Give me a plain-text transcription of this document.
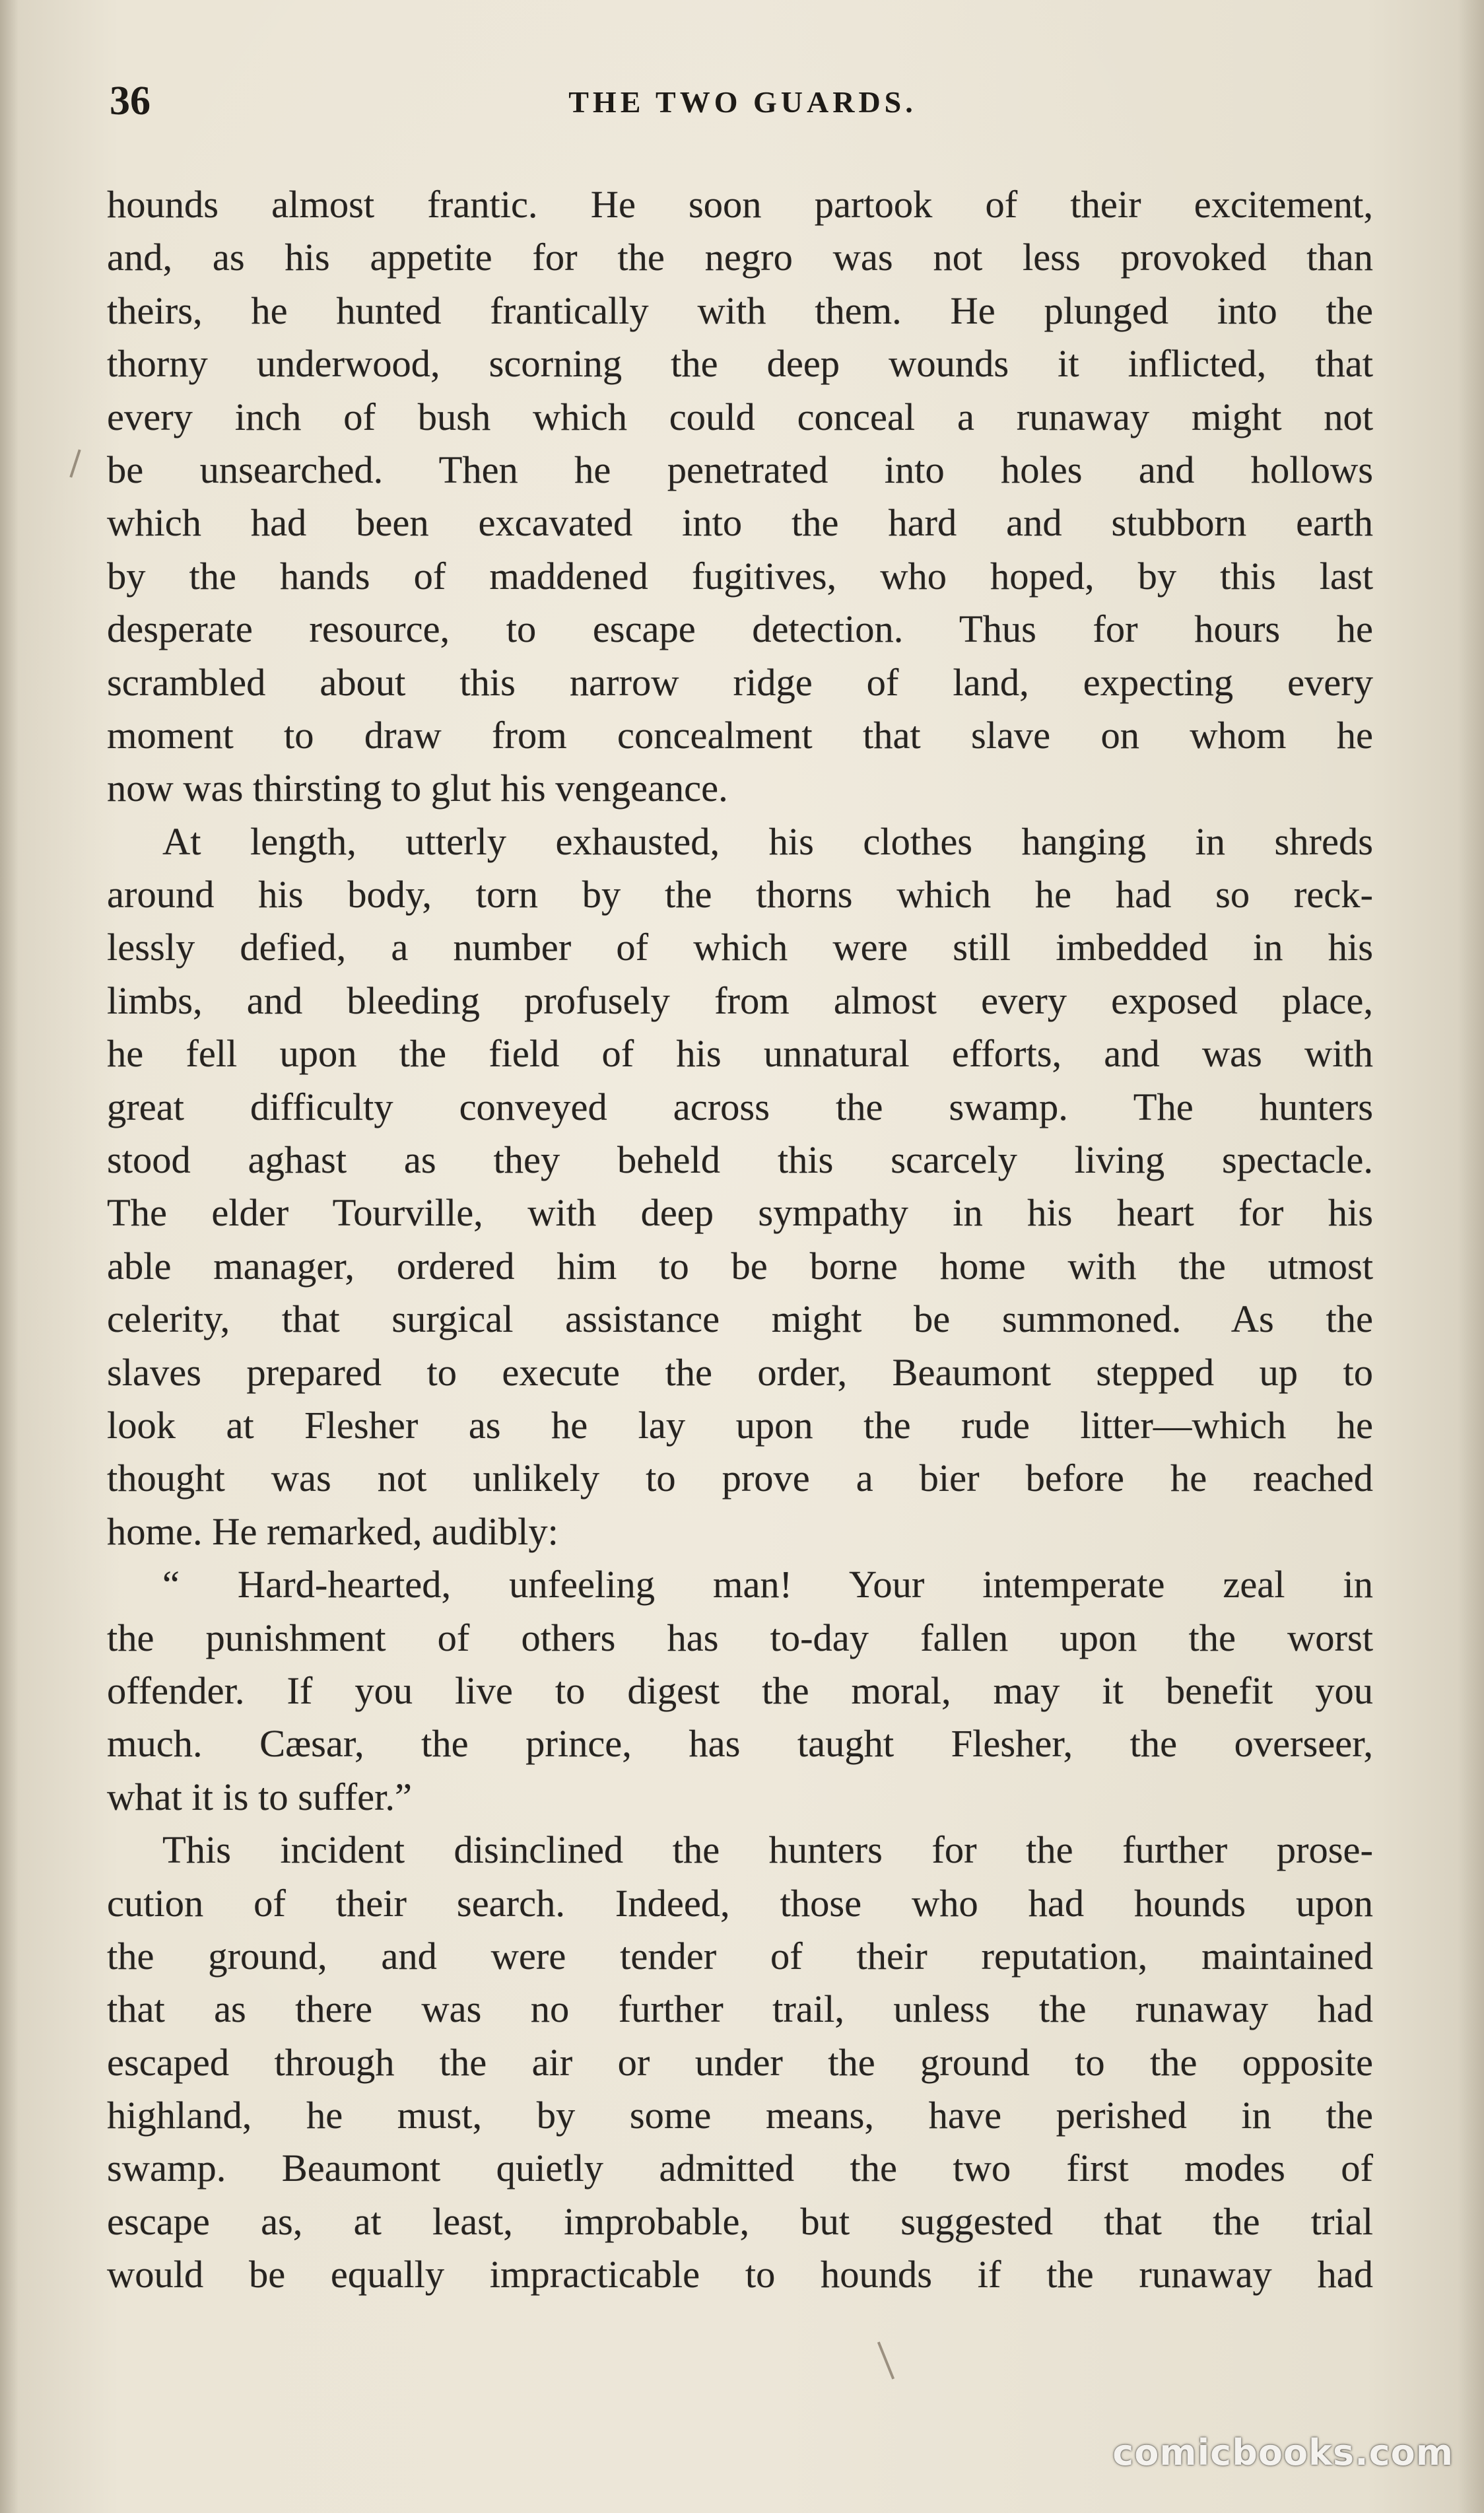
36	THE TWO GUARDS.
hounds almost frantic. He soon partook of their excitement,
and, as his appetite for the negro was not less provoked than
theirs, he hunted frantically with them. He plunged into the
thorny underwood, scorning the deep wounds it inflicted, that
every inch of bush which could conceal a runaway might not
be unsearched. Then he penetrated into holes and hollows
which had been excavated into the hard and stubborn earth
by the hands of maddened fugitives, who hoped, by this last
desperate resource, to escape detection. Thus for hours he
scrambled about this narrow ridge of land, expecting every
moment to draw from concealment that slave on whom he
now was thirsting to glut his vengeance.
At length, utterly exhausted, his clothes hanging in shreds
around his body, torn by the thorns which he had so reck-
lessly defied, a number of which were still imbedded in his
limbs, and bleeding profusely from almost every exposed place,
he fell upon the field of his unnatural efforts, and was with
great difficulty conveyed across the swamp. The hunters
stood aghast as they beheld this scarcely living spectacle.
The elder Tourville, with deep sympathy in his heart for his
able manager, ordered him to be borne home with the utmost
celerity, that surgical assistance might be summoned. As the
slaves prepared to execute the order, Beaumont stepped up to
look at Flesher as he lay upon the rude litter—which he
thought was not unlikely to prove a bier before he reached
home. He remarked, audibly:
“ Hard-hearted, unfeeling man! Your intemperate zeal in
the punishment of others has to-day fallen upon the worst
offender. If you live to digest the moral, may it benefit you
much. Cæsar, the prince, has taught Flesher, the overseer,
what it is to suffer.”
This incident disinclined the hunters for the further prose-
cution of their search. Indeed, those who had hounds upon
the ground, and were tender of their reputation, maintained
that as there was no further trail, unless the runaway had
escaped through the air or under the ground to the opposite
highland, he must, by some means, have perished in the
swamp. Beaumont quietly admitted the two first modes of
escape as, at least, improbable, but suggested that the trial
would be equally impracticable to hounds if the runaway had
comicbooks.com
